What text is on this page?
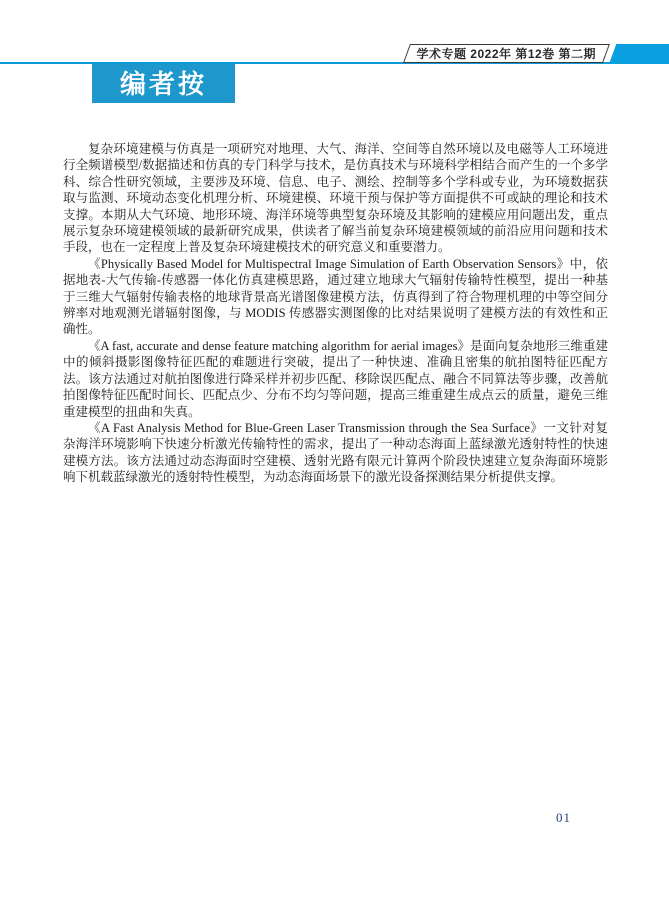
学术专题 2022年 第12卷 第二期
编者按

复杂环境建模与仿真是一项研究对地理、大气、海洋、空间等自然环境以及电磁等人工环境进行全频谱模型/数据描述和仿真的专门科学与技术，是仿真技术与环境科学相结合而产生的一个多学科、综合性研究领域，主要涉及环境、信息、电子、测绘、控制等多个学科或专业，为环境数据获取与监测、环境动态变化机理分析、环境建模、环境干预与保护等方面提供不可或缺的理论和技术支撑。本期从大气环境、地形环境、海洋环境等典型复杂环境及其影响的建模应用问题出发，重点展示复杂环境建模领域的最新研究成果，供读者了解当前复杂环境建模领域的前沿应用问题和技术手段，也在一定程度上普及复杂环境建模技术的研究意义和重要潜力。

《Physically Based Model for Multispectral Image Simulation of Earth Observation Sensors》中，依据地表-大气传输-传感器一体化仿真建模思路，通过建立地球大气辐射传输特性模型，提出一种基于三维大气辐射传输表格的地球背景高光谱图像建模方法，仿真得到了符合物理机理的中等空间分辨率对地观测光谱辐射图像，与 MODIS 传感器实测图像的比对结果说明了建模方法的有效性和正确性。

《A fast, accurate and dense feature matching algorithm for aerial images》是面向复杂地形三维重建中的倾斜摄影图像特征匹配的难题进行突破，提出了一种快速、准确且密集的航拍图特征匹配方法。该方法通过对航拍图像进行降采样并初步匹配、移除误匹配点、融合不同算法等步骤，改善航拍图像特征匹配时间长、匹配点少、分布不均匀等问题，提高三维重建生成点云的质量，避免三维重建模型的扭曲和失真。

《A Fast Analysis Method for Blue-Green Laser Transmission through the Sea Surface》一文针对复杂海洋环境影响下快速分析激光传输特性的需求，提出了一种动态海面上蓝绿激光透射特性的快速建模方法。该方法通过动态海面时空建模、透射光路有限元计算两个阶段快速建立复杂海面环境影响下机载蓝绿激光的透射特性模型，为动态海面场景下的激光设备探测结果分析提供支撑。

01
